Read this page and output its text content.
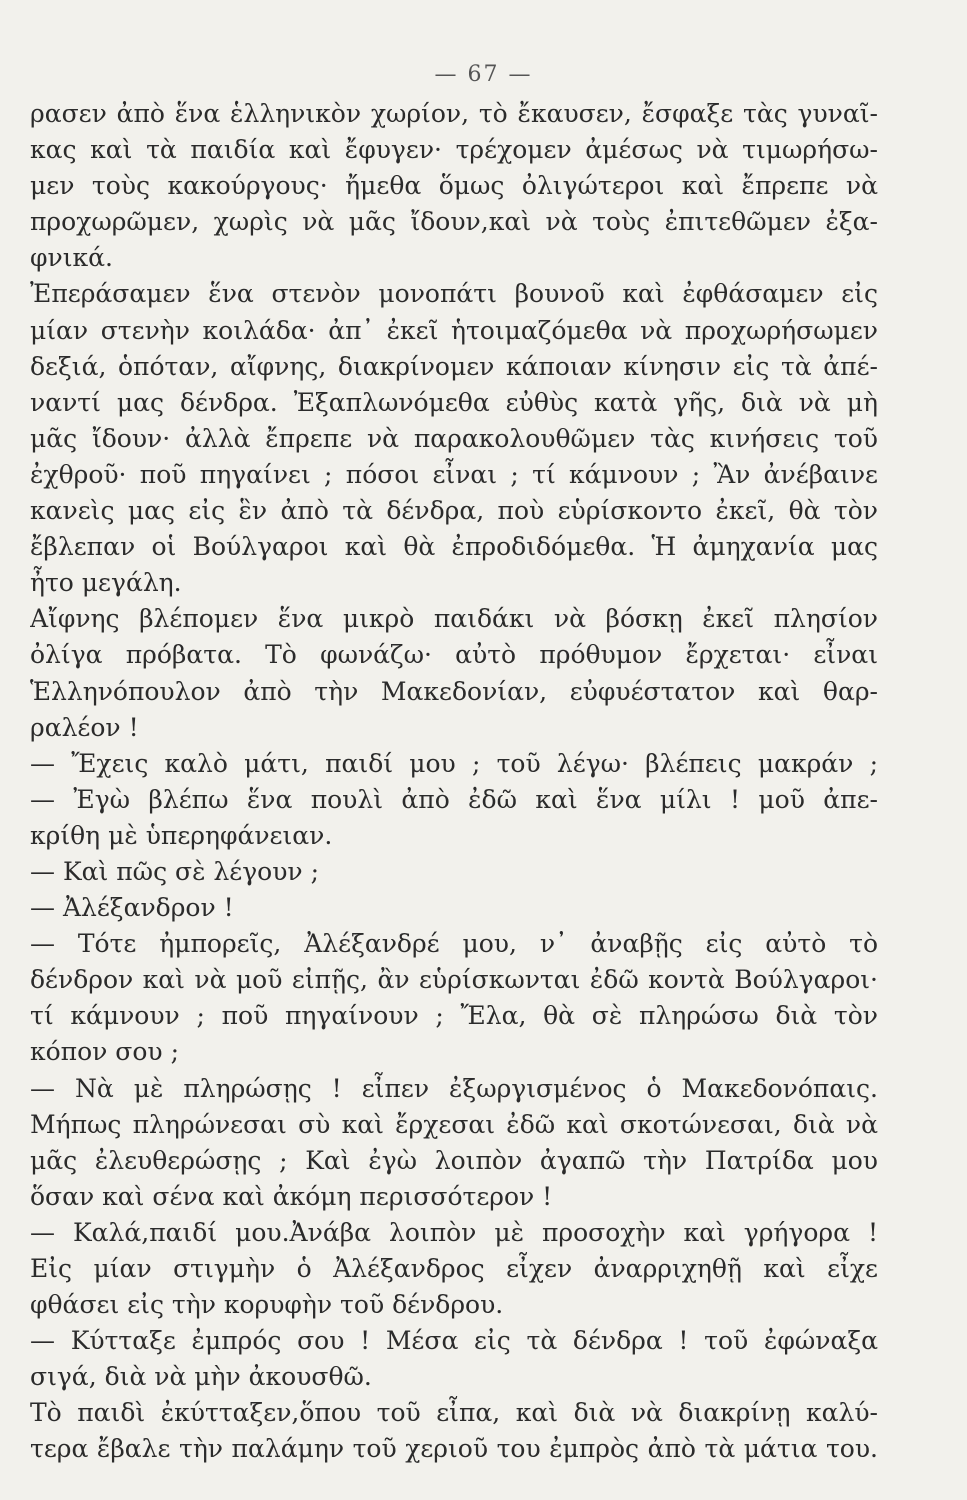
— 67 —
ρασεν ἀπὸ ἕνα ἑλληνικὸν χωρίον, τὸ ἔκαυσεν, ἔσφαξε τὰς γυναῖ-
κας καὶ τὰ παιδία καὶ ἔφυγεν· τρέχομεν ἀμέσως νὰ τιμωρήσω-
μεν τοὺς κακούργους· ἤμεθα ὅμως ὀλιγώτεροι καὶ ἔπρεπε νὰ
προχωρῶμεν, χωρὶς νὰ μᾶς ἴδουν,καὶ νὰ τοὺς ἐπιτεθῶμεν ἐξα-
φνικά.
Ἐπεράσαμεν ἕνα στενὸν μονοπάτι βουνοῦ καὶ ἐφθάσαμεν εἰς
μίαν στενὴν κοιλάδα· ἀπ᾽ ἐκεῖ ἡτοιμαζόμεθα νὰ προχωρήσωμεν
δεξιά, ὁπόταν, αἴφνης, διακρίνομεν κάποιαν κίνησιν εἰς τὰ ἀπέ-
ναντί μας δένδρα. Ἐξαπλωνόμεθα εὐθὺς κατὰ γῆς, διὰ νὰ μὴ
μᾶς ἴδουν· ἀλλὰ ἔπρεπε νὰ παρακολουθῶμεν τὰς κινήσεις τοῦ
ἐχθροῦ· ποῦ πηγαίνει ; πόσοι εἶναι ; τί κάμνουν ; Ἂν ἀνέβαινε
κανεὶς μας εἰς ἓν ἀπὸ τὰ δένδρα, ποὺ εὑρίσκοντο ἐκεῖ, θὰ τὸν
ἔβλεπαν οἱ Βούλγαροι καὶ θὰ ἐπροδιδόμεθα. Ἡ ἀμηχανία μας
ἦτο μεγάλη.
Αἴφνης βλέπομεν ἕνα μικρὸ παιδάκι νὰ βόσκῃ ἐκεῖ πλησίον
ὀλίγα πρόβατα. Τὸ φωνάζω· αὐτὸ πρόθυμον ἔρχεται· εἶναι
Ἑλληνόπουλον ἀπὸ τὴν Μακεδονίαν, εὐφυέστατον καὶ θαρ-
ραλέον !
— Ἔχεις καλὸ μάτι, παιδί μου ; τοῦ λέγω· βλέπεις μακράν ;
— Ἐγὼ βλέπω ἕνα πουλὶ ἀπὸ ἐδῶ καὶ ἕνα μίλι ! μοῦ ἀπε-
κρίθη μὲ ὑπερηφάνειαν.
— Καὶ πῶς σὲ λέγουν ;
— Ἀλέξανδρον !
— Τότε ἠμπορεῖς, Ἀλέξανδρέ μου, ν᾽ ἀναβῇς εἰς αὐτὸ τὸ
δένδρον καὶ νὰ μοῦ εἰπῇς, ἂν εὑρίσκωνται ἐδῶ κοντὰ Βούλγαροι·
τί κάμνουν ; ποῦ πηγαίνουν ; Ἔλα, θὰ σὲ πληρώσω διὰ τὸν
κόπον σου ;
— Νὰ μὲ πληρώσῃς ! εἶπεν ἐξωργισμένος ὁ Μακεδονόπαις.
Μήπως πληρώνεσαι σὺ καὶ ἔρχεσαι ἐδῶ καὶ σκοτώνεσαι, διὰ νὰ
μᾶς ἐλευθερώσῃς ; Καὶ ἐγὼ λοιπὸν ἀγαπῶ τὴν Πατρίδα μου
ὅσαν καὶ σένα καὶ ἀκόμη περισσότερον !
— Καλά,παιδί μου.Ἀνάβα λοιπὸν μὲ προσοχὴν καὶ γρήγορα !
Εἰς μίαν στιγμὴν ὁ Ἀλέξανδρος εἶχεν ἀναρριχηθῇ καὶ εἶχε
φθάσει εἰς τὴν κορυφὴν τοῦ δένδρου.
— Κύτταξε ἐμπρός σου ! Μέσα εἰς τὰ δένδρα ! τοῦ ἐφώναξα
σιγά, διὰ νὰ μὴν ἀκουσθῶ.
Τὸ παιδὶ ἐκύτταξεν,ὅπου τοῦ εἶπα, καὶ διὰ νὰ διακρίνῃ καλύ-
τερα ἔβαλε τὴν παλάμην τοῦ χεριοῦ του ἐμπρὸς ἀπὸ τὰ μάτια του.
